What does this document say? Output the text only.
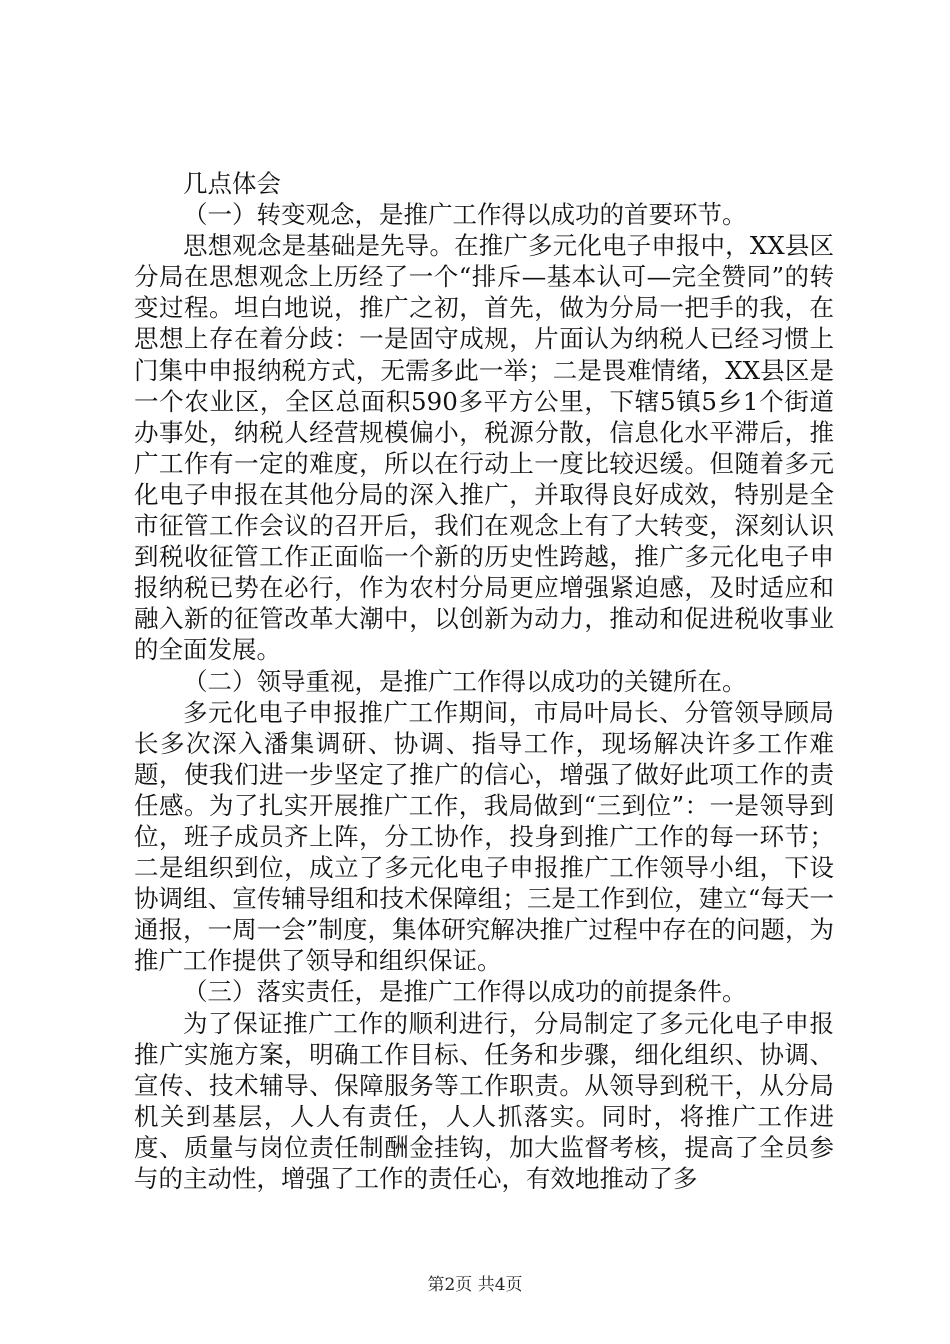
几点体会

（一）转变观念，是推广工作得以成功的首要环节。

思想观念是基础是先导。在推广多元化电子申报中，XX县区分局在思想观念上历经了一个“排斥—基本认可—完全赞同”的转变过程。坦白地说，推广之初，首先，做为分局一把手的我，在思想上存在着分歧：一是固守成规，片面认为纳税人已经习惯上门集中申报纳税方式，无需多此一举；二是畏难情绪，XX县区是一个农业区，全区总面积590多平方公里，下辖5镇5乡1个街道办事处，纳税人经营规模偏小，税源分散，信息化水平滞后，推广工作有一定的难度，所以在行动上一度比较迟缓。但随着多元化电子申报在其他分局的深入推广，并取得良好成效，特别是全市征管工作会议的召开后，我们在观念上有了大转变，深刻认识到税收征管工作正面临一个新的历史性跨越，推广多元化电子申报纳税已势在必行，作为农村分局更应增强紧迫感，及时适应和融入新的征管改革大潮中，以创新为动力，推动和促进税收事业的全面发展。

（二）领导重视，是推广工作得以成功的关键所在。

多元化电子申报推广工作期间，市局叶局长、分管领导顾局长多次深入潘集调研、协调、指导工作，现场解决许多工作难题，使我们进一步坚定了推广的信心，增强了做好此项工作的责任感。为了扎实开展推广工作，我局做到“三到位”：一是领导到位，班子成员齐上阵，分工协作，投身到推广工作的每一环节；二是组织到位，成立了多元化电子申报推广工作领导小组，下设协调组、宣传辅导组和技术保障组；三是工作到位，建立“每天一通报，一周一会”制度，集体研究解决推广过程中存在的问题，为推广工作提供了领导和组织保证。

（三）落实责任，是推广工作得以成功的前提条件。

为了保证推广工作的顺利进行，分局制定了多元化电子申报推广实施方案，明确工作目标、任务和步骤，细化组织、协调、宣传、技术辅导、保障服务等工作职责。从领导到税干，从分局机关到基层，人人有责任，人人抓落实。同时，将推广工作进度、质量与岗位责任制酬金挂钩，加大监督考核，提高了全员参与的主动性，增强了工作的责任心，有效地推动了多

第2页 共4页
